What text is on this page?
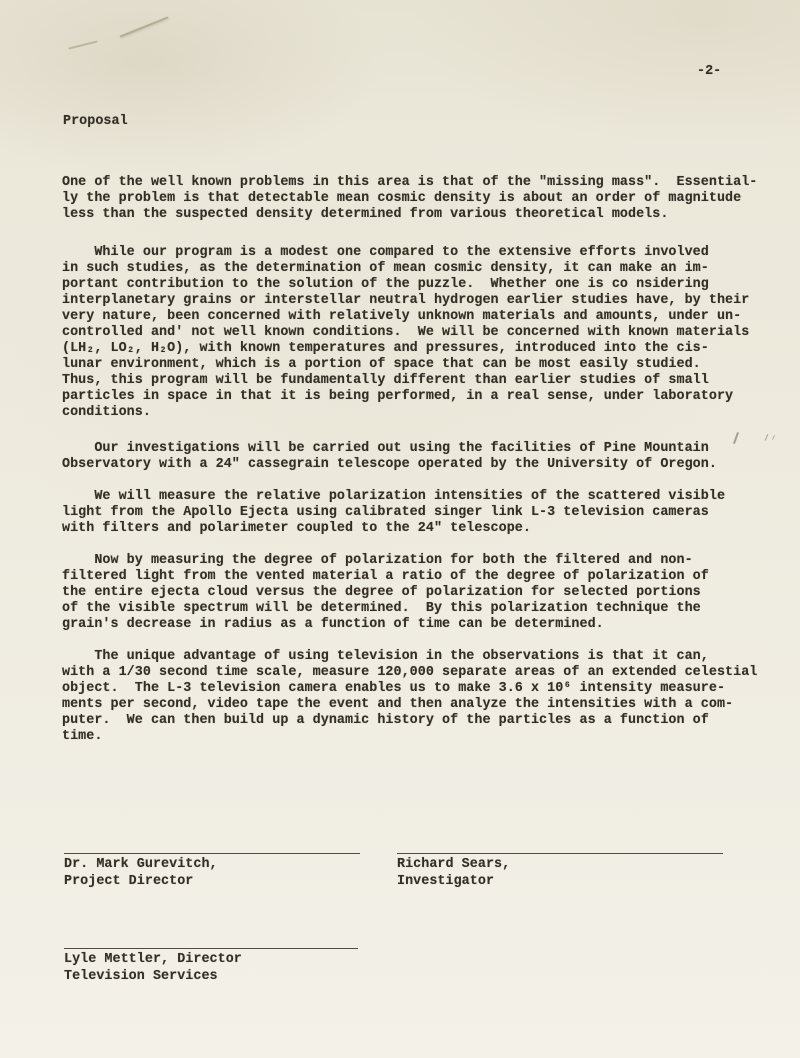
-2-
Proposal
One of the well known problems in this area is that of the "missing mass".  Essential-
ly the problem is that detectable mean cosmic density is about an order of magnitude
less than the suspected density determined from various theoretical models.
While our program is a modest one compared to the extensive efforts involved
in such studies, as the determination of mean cosmic density, it can make an im-
portant contribution to the solution of the puzzle.  Whether one is co nsidering
interplanetary grains or interstellar neutral hydrogen earlier studies have, by their
very nature, been concerned with relatively unknown materials and amounts, under un-
controlled and' not well known conditions.  We will be concerned with known materials
(LH₂, LO₂, H₂O), with known temperatures and pressures, introduced into the cis-
lunar environment, which is a portion of space that can be most easily studied.
Thus, this program will be fundamentally different than earlier studies of small
particles in space in that it is being performed, in a real sense, under laboratory
conditions.
Our investigations will be carried out using the facilities of Pine Mountain
Observatory with a 24" cassegrain telescope operated by the University of Oregon.
We will measure the relative polarization intensities of the scattered visible
light from the Apollo Ejecta using calibrated singer link L-3 television cameras
with filters and polarimeter coupled to the 24" telescope.
Now by measuring the degree of polarization for both the filtered and non-
filtered light from the vented material a ratio of the degree of polarization of
the entire ejecta cloud versus the degree of polarization for selected portions
of the visible spectrum will be determined.  By this polarization technique the
grain's decrease in radius as a function of time can be determined.
The unique advantage of using television in the observations is that it can,
with a 1/30 second time scale, measure 120,000 separate areas of an extended celestial
object.  The L-3 television camera enables us to make 3.6 x 10⁶ intensity measure-
ments per second, video tape the event and then analyze the intensities with a com-
puter.  We can then build up a dynamic history of the particles as a function of
time.
Dr. Mark Gurevitch,
Project Director
Richard Sears,
Investigator
Lyle Mettler, Director
Television Services
